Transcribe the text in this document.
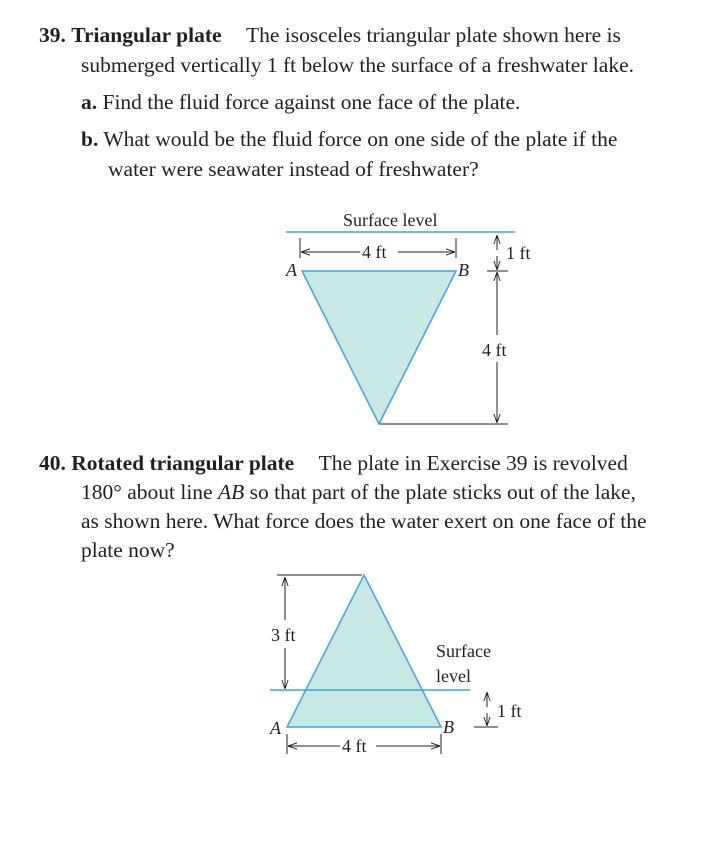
39. Triangular plate The isosceles triangular plate shown here is
submerged vertically 1 ft below the surface of a freshwater lake.
a. Find the fluid force against one face of the plate.
b. What would be the fluid force on one side of the plate if the
water were seawater instead of freshwater?
Surface level
4 ft
A	B
1 ft
4 ft
40. Rotated triangular plate The plate in Exercise 39 is revolved
180° about line AB so that part of the plate sticks out of the lake,
as shown here. What force does the water exert on one face of the
plate now?
3 ft
Surface
level
1 ft
A	B
4 ft
